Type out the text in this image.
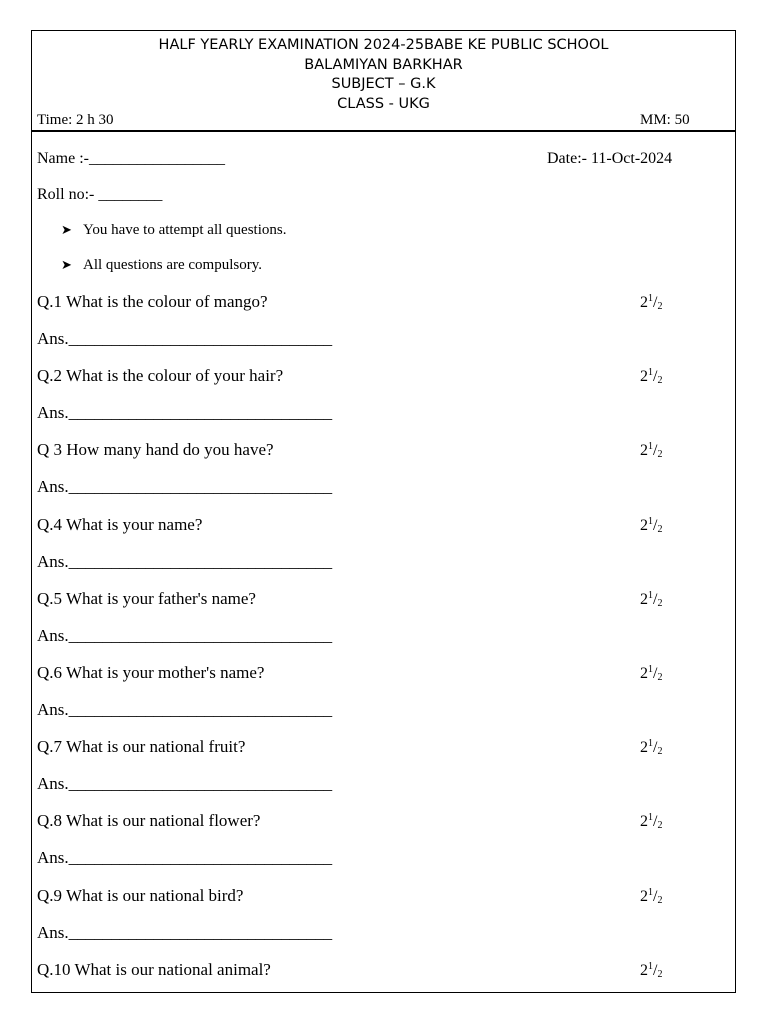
HALF YEARLY EXAMINATION 2024-25BABE KE PUBLIC SCHOOL
BALAMIYAN BARKHAR
SUBJECT – G.K
CLASS - UKG
Time: 2 h 30	MM: 50
Name :-_________________	Date:- 11-Oct-2024
Roll no:- ________
➤ You have to attempt all questions.
➤ All questions are compulsory.
Q.1 What is the colour of mango?	$2^1/_2$
Ans._______________________________
Q.2 What is the colour of your hair?	$2^1/_2$
Ans._______________________________
Q 3 How many hand do you have?	$2^1/_2$
Ans._______________________________
Q.4 What is your name?	$2^1/_2$
Ans._______________________________
Q.5 What is your father's name?	$2^1/_2$
Ans._______________________________
Q.6 What is your mother's name?	$2^1/_2$
Ans._______________________________
Q.7 What is our national fruit?	$2^1/_2$
Ans._______________________________
Q.8 What is our national flower?	$2^1/_2$
Ans._______________________________
Q.9 What is our national bird?	$2^1/_2$
Ans._______________________________
Q.10 What is our national animal?	$2^1/_2$
